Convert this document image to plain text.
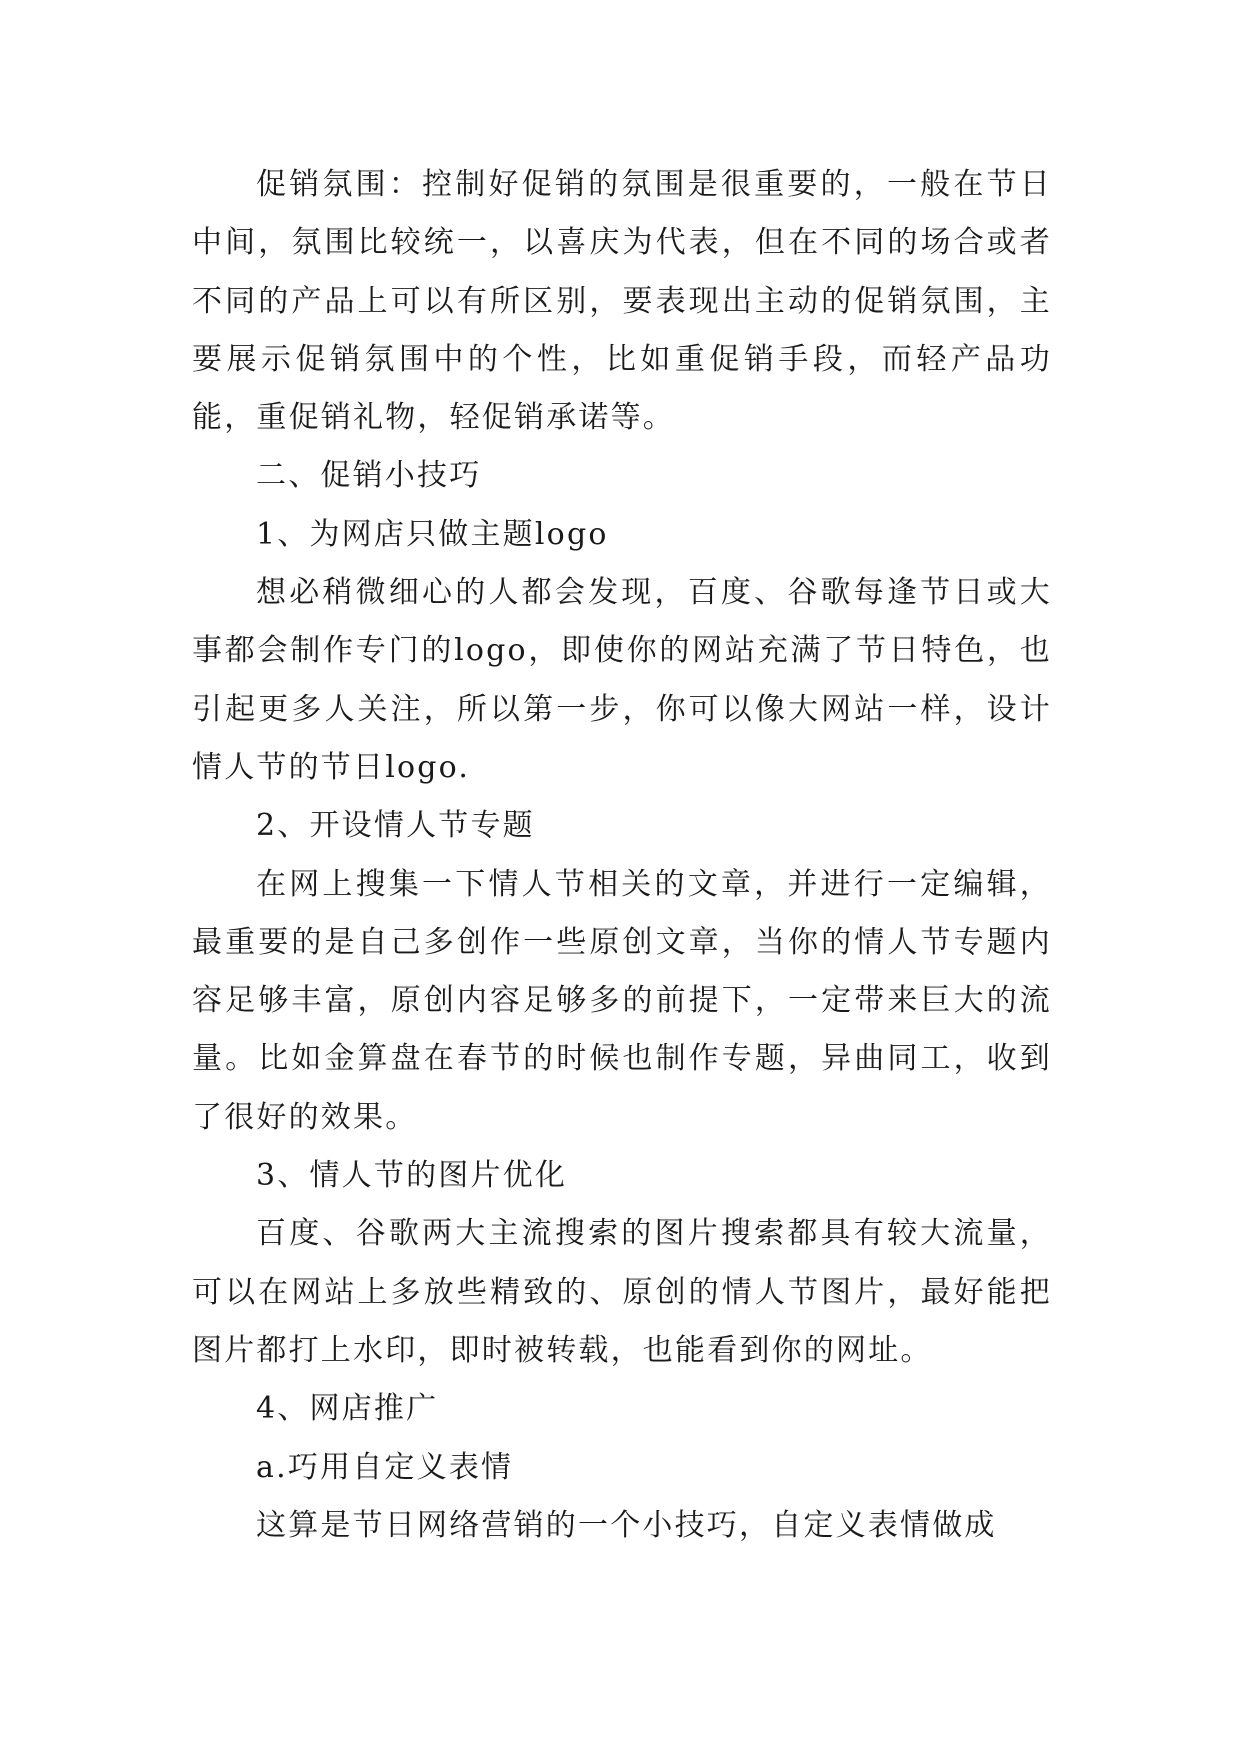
促销氛围：控制好促销的氛围是很重要的，一般在节日中间，氛围比较统一，以喜庆为代表，但在不同的场合或者不同的产品上可以有所区别，要表现出主动的促销氛围，主要展示促销氛围中的个性，比如重促销手段，而轻产品功能，重促销礼物，轻促销承诺等。

二、促销小技巧

1、为网店只做主题logo

想必稍微细心的人都会发现，百度、谷歌每逢节日或大事都会制作专门的logo，即使你的网站充满了节日特色，也引起更多人关注，所以第一步，你可以像大网站一样，设计情人节的节日logo.

2、开设情人节专题

在网上搜集一下情人节相关的文章，并进行一定编辑，最重要的是自己多创作一些原创文章，当你的情人节专题内容足够丰富，原创内容足够多的前提下，一定带来巨大的流量。比如金算盘在春节的时候也制作专题，异曲同工，收到了很好的效果。

3、情人节的图片优化

百度、谷歌两大主流搜索的图片搜索都具有较大流量，可以在网站上多放些精致的、原创的情人节图片，最好能把图片都打上水印，即时被转载，也能看到你的网址。

4、网店推广

a.巧用自定义表情

这算是节日网络营销的一个小技巧，自定义表情做成
